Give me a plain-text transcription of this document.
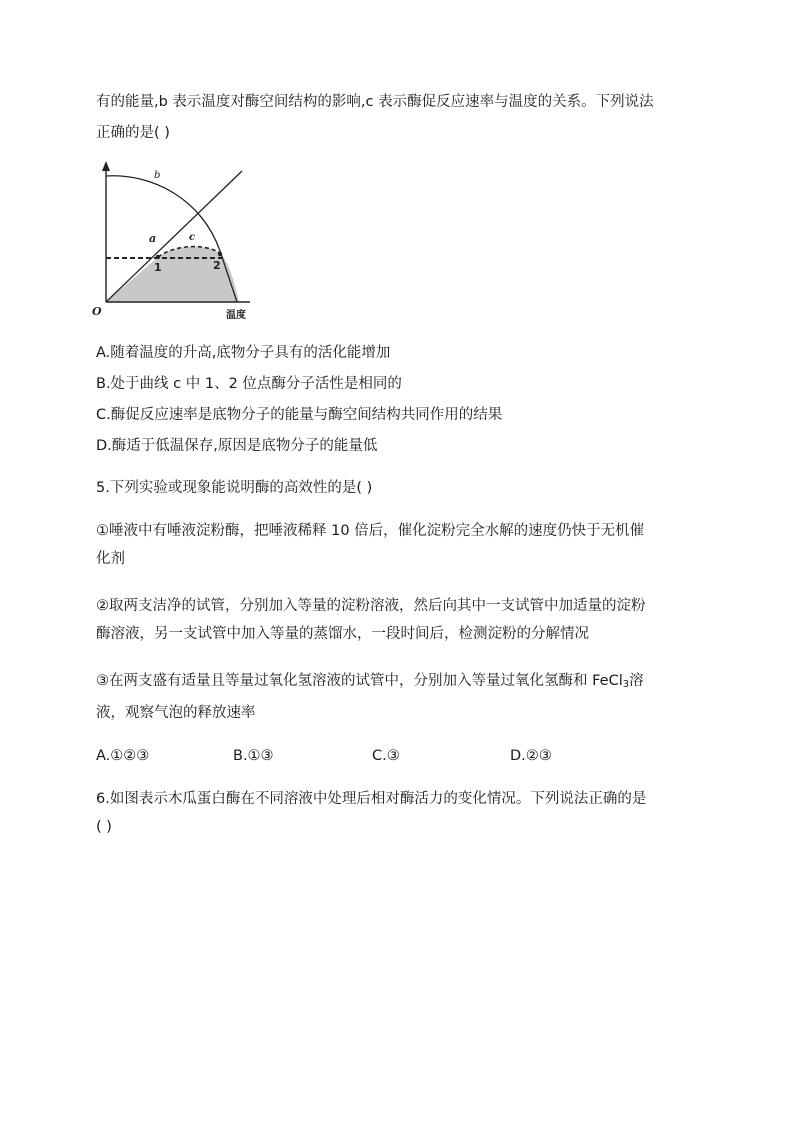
有的能量,b 表示温度对酶空间结构的影响,c 表示酶促反应速率与温度的关系。下列说法

正确的是( )

b
a	c
1	2
O	温度

A.随着温度的升高,底物分子具有的活化能增加

B.处于曲线 c 中 1、2 位点酶分子活性是相同的

C.酶促反应速率是底物分子的能量与酶空间结构共同作用的结果

D.酶适于低温保存,原因是底物分子的能量低

5.下列实验或现象能说明酶的高效性的是( )

①唾液中有唾液淀粉酶，把唾液稀释 10 倍后，催化淀粉完全水解的速度仍快于无机催
化剂
②取两支洁净的试管，分别加入等量的淀粉溶液，然后向其中一支试管中加适量的淀粉
酶溶液，另一支试管中加入等量的蒸馏水，一段时间后，检测淀粉的分解情况
③在两支盛有适量且等量过氧化氢溶液的试管中，分别加入等量过氧化氢酶和 FeCl$_3$溶
液，观察气泡的释放速率
A.①②③	B.①③	C.③	D.②③
6.如图表示木瓜蛋白酶在不同溶液中处理后相对酶活力的变化情况。下列说法正确的是
( )
